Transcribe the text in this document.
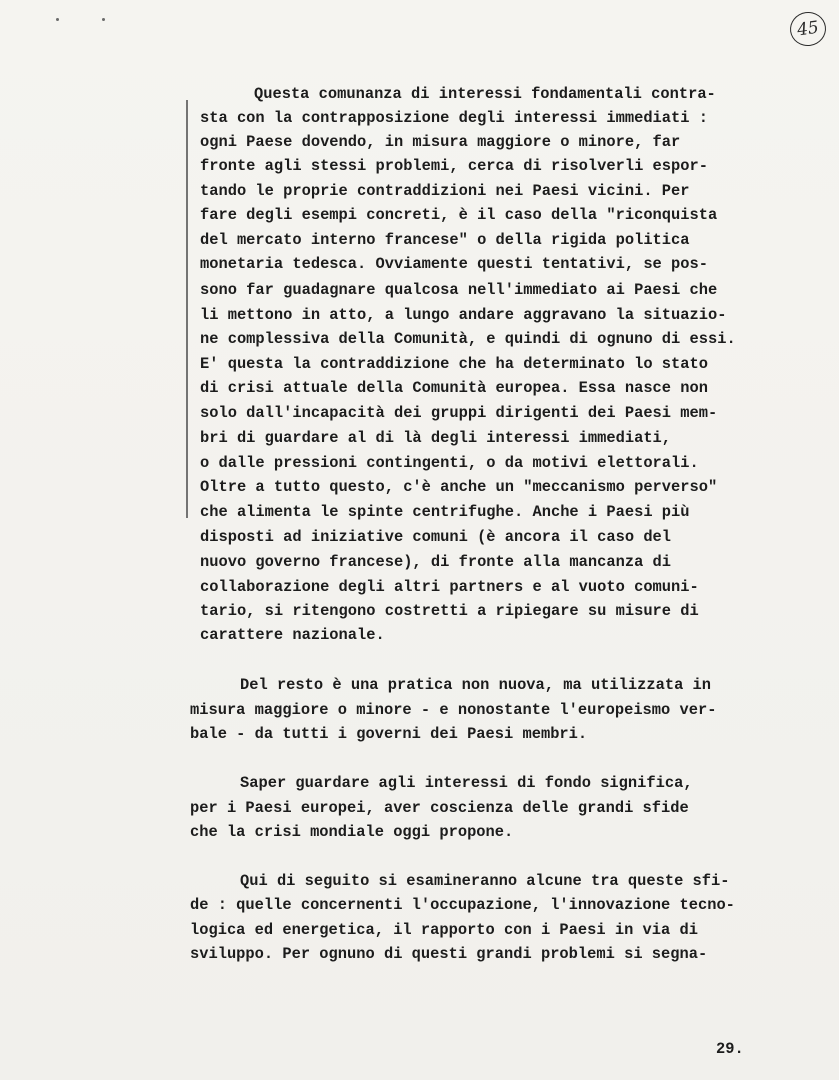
45
Questa comunanza di interessi fondamentali contra-
sta con la contrapposizione degli interessi immediati :
ogni Paese dovendo, in misura maggiore o minore, far
fronte agli stessi problemi, cerca di risolverli espor-
tando le proprie contraddizioni nei Paesi vicini. Per
fare degli esempi concreti, è il caso della "riconquista
del mercato interno francese" o della rigida politica
monetaria tedesca. Ovviamente questi tentativi, se pos-
sono far guadagnare qualcosa nell'immediato ai Paesi che
li mettono in atto, a lungo andare aggravano la situazio-
ne complessiva della Comunità, e quindi di ognuno di essi.
E' questa la contraddizione che ha determinato lo stato
di crisi attuale della Comunità europea. Essa nasce non
solo dall'incapacità dei gruppi dirigenti dei Paesi mem-
bri di guardare al di là degli interessi immediati,
o dalle pressioni contingenti, o da motivi elettorali.
Oltre a tutto questo, c'è anche un "meccanismo perverso"
che alimenta le spinte centrifughe. Anche i Paesi più
disposti ad iniziative comuni (è ancora il caso del
nuovo governo francese), di fronte alla mancanza di
collaborazione degli altri partners e al vuoto comuni-
tario, si ritengono costretti a ripiegare su misure di
carattere nazionale.
Del resto è una pratica non nuova, ma utilizzata in
misura maggiore o minore - e nonostante l'europeismo ver-
bale - da tutti i governi dei Paesi membri.
Saper guardare agli interessi di fondo significa,
per i Paesi europei, aver coscienza delle grandi sfide
che la crisi mondiale oggi propone.
Qui di seguito si esamineranno alcune tra queste sfi-
de : quelle concernenti l'occupazione, l'innovazione tecno-
logica ed energetica, il rapporto con i Paesi in via di
sviluppo. Per ognuno di questi grandi problemi si segna-
29.
